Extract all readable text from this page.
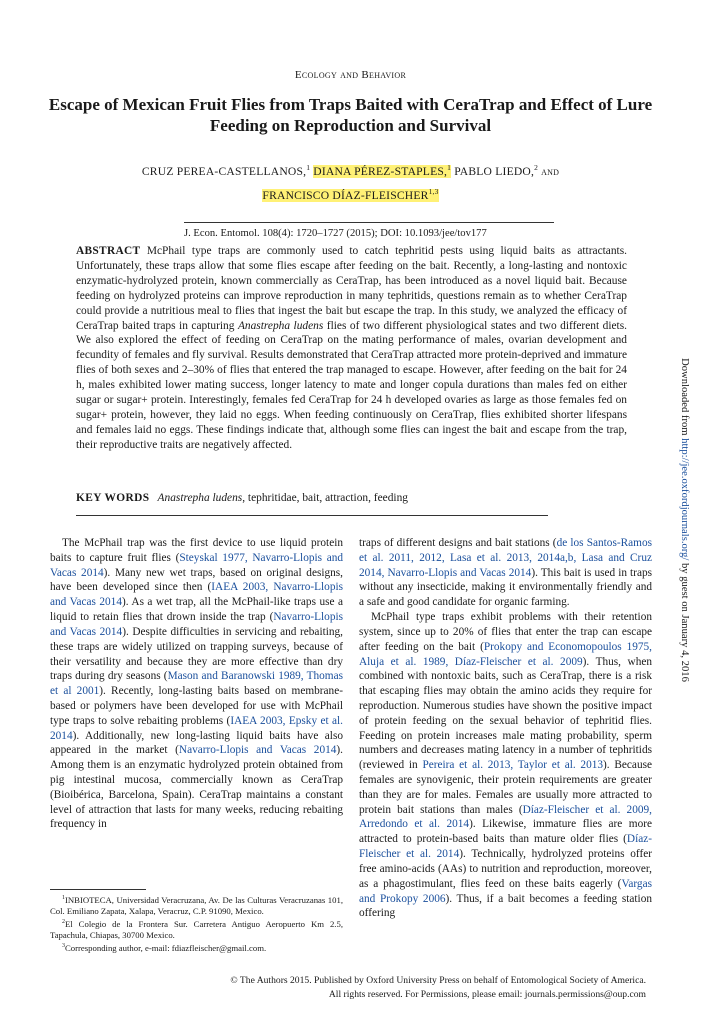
Ecology and Behavior
Escape of Mexican Fruit Flies from Traps Baited with CeraTrap and Effect of Lure Feeding on Reproduction and Survival
CRUZ PEREA-CASTELLANOS,$^1$ DIANA PÉREZ-STAPLES,$^1$ PABLO LIEDO,$^2$ and
FRANCISCO DÍAZ-FLEISCHER$^{1,3}$
J. Econ. Entomol. 108(4): 1720–1727 (2015); DOI: 10.1093/jee/tov177
ABSTRACT McPhail type traps are commonly used to catch tephritid pests using liquid baits as attractants. Unfortunately, these traps allow that some flies escape after feeding on the bait. Recently, a long-lasting and nontoxic enzymatic-hydrolyzed protein, known commercially as CeraTrap, has been introduced as a novel liquid bait. Because feeding on hydrolyzed proteins can improve reproduction in many tephritids, questions remain as to whether CeraTrap could provide a nutritious meal to flies that ingest the bait but escape the trap. In this study, we analyzed the efficacy of CeraTrap baited traps in capturing Anastrepha ludens flies of two different physiological states and two different diets. We also explored the effect of feeding on CeraTrap on the mating performance of males, ovarian development and fecundity of females and fly survival. Results demonstrated that CeraTrap attracted more protein-deprived and immature flies of both sexes and 2–30% of flies that entered the trap managed to escape. However, after feeding on the bait for 24 h, males exhibited lower mating success, longer latency to mate and longer copula durations than males fed on either sugar or sugar+ protein. Interestingly, females fed CeraTrap for 24 h developed ovaries as large as those females fed on sugar+ protein, however, they laid no eggs. When feeding continuously on CeraTrap, flies exhibited shorter lifespans and females laid no eggs. These findings indicate that, although some flies can ingest the bait and escape from the trap, their reproductive traits are negatively affected.
KEY WORDS Anastrepha ludens, tephritidae, bait, attraction, feeding

The McPhail trap was the first device to use liquid protein baits to capture fruit flies (Steyskal 1977, Navarro-Llopis and Vacas 2014). Many new wet traps, based on original designs, have been developed since then (IAEA 2003, Navarro-Llopis and Vacas 2014). As a wet trap, all the McPhail-like traps use a liquid to retain flies that drown inside the trap (Navarro-Llopis and Vacas 2014). Despite difficulties in servicing and rebaiting, these traps are widely utilized on trapping surveys, because of their versatility and because they are more effective than dry traps during dry seasons (Mason and Baranowski 1989, Thomas et al 2001). Recently, long-lasting baits based on membrane-based or polymers have been developed for use with McPhail type traps to solve rebaiting problems (IAEA 2003, Epsky et al. 2014). Additionally, new long-lasting liquid baits have also appeared in the market (Navarro-Llopis and Vacas 2014). Among them is an enzymatic hydrolyzed protein obtained from pig intestinal mucosa, commercially known as CeraTrap (Bioibérica, Barcelona, Spain). CeraTrap maintains a constant level of attraction that lasts for many weeks, reducing rebaiting frequency in

traps of different designs and bait stations (de los Santos-Ramos et al. 2011, 2012, Lasa et al. 2013, 2014a,b, Lasa and Cruz 2014, Navarro-Llopis and Vacas 2014). This bait is used in traps without any insecticide, making it environmentally friendly and a safe and good candidate for organic farming.

McPhail type traps exhibit problems with their retention system, since up to 20% of flies that enter the trap can escape after feeding on the bait (Prokopy and Economopoulos 1975, Aluja et al. 1989, Díaz-Fleischer et al. 2009). Thus, when combined with nontoxic baits, such as CeraTrap, there is a risk that escaping flies may obtain the amino acids they require for reproduction. Numerous studies have shown the positive impact of protein feeding on the sexual behavior of tephritid flies. Feeding on protein increases male mating probability, sperm numbers and decreases mating latency in a number of tephritids (reviewed in Pereira et al. 2013, Taylor et al. 2013). Because females are synovigenic, their protein requirements are greater than they are for males. Females are usually more attracted to protein bait stations than males (Díaz-Fleischer et al. 2009, Arredondo et al. 2014). Likewise, immature flies are more attracted to protein-based baits than mature older flies (Díaz-Fleischer et al. 2014). Technically, hydrolyzed proteins offer free amino-acids (AAs) to nutrition and reproduction, moreover, as a phagostimulant, flies feed on these baits eagerly (Vargas and Prokopy 2006). Thus, if a bait becomes a feeding station offering

$^1$INBIOTECA, Universidad Veracruzana, Av. De las Culturas Veracruzanas 101, Col. Emiliano Zapata, Xalapa, Veracruz, C.P. 91090, Mexico.

$^2$El Colegio de la Frontera Sur. Carretera Antiguo Aeropuerto Km 2.5, Tapachula, Chiapas, 30700 Mexico.

$^3$Corresponding author, e-mail: fdiazfleischer@gmail.com.

© The Authors 2015. Published by Oxford University Press on behalf of Entomological Society of America.
All rights reserved. For Permissions, please email: journals.permissions@oup.com
Downloaded from http://jee.oxfordjournals.org/ by guest on January 4, 2016
